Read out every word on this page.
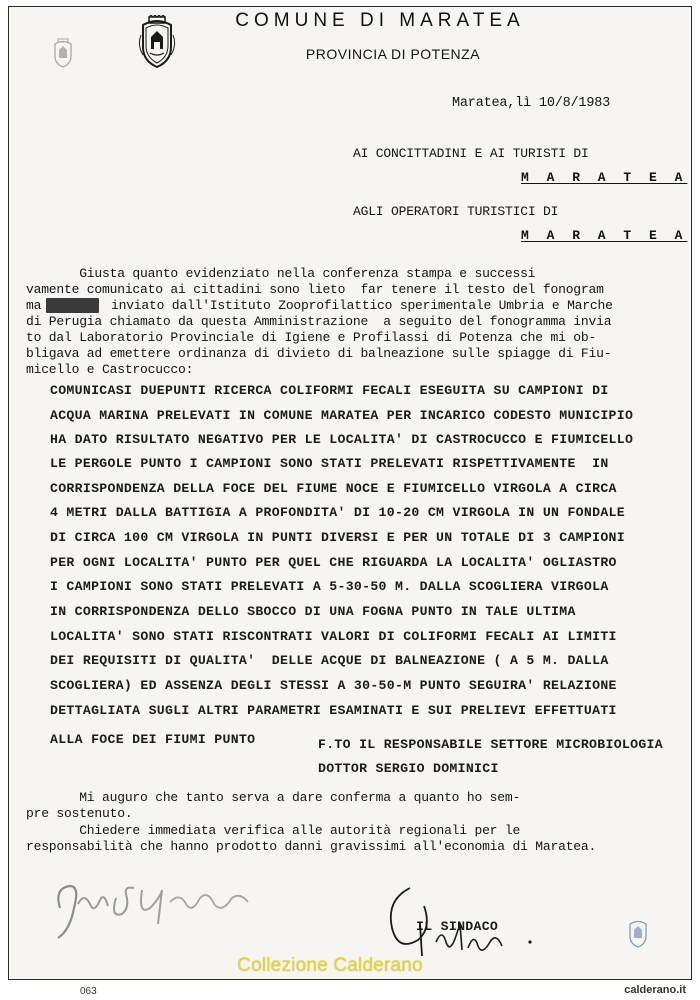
COMUNE DI MARATEA
PROVINCIA DI POTENZA
Maratea,lì 10/8/1983
AI CONCITTADINI E AI TURISTI DI
M A R A T E A
AGLI OPERATORI TURISTICI DI
M A R A T E A
Giusta quanto evidenziato nella conferenza stampa e successi
vamente comunicato ai cittadini sono lieto  far tenere il testo del fonogram
ma	inviato dall'Istituto Zooprofilattico sperimentale Umbria e Marche
di Perugia chiamato da questa Amministrazione  a seguito del fonogramma invia
to dal Laboratorio Provinciale di Igiene e Profilassi di Potenza che mi ob-
bligava ad emettere ordinanza di divieto di balneazione sulle spiagge di Fiu-
micello e Castrocucco:
COMUNICASI DUEPUNTI RICERCA COLIFORMI FECALI ESEGUITA SU CAMPIONI DI
ACQUA MARINA PRELEVATI IN COMUNE MARATEA PER INCARICO CODESTO MUNICIPIO
HA DATO RISULTATO NEGATIVO PER LE LOCALITA' DI CASTROCUCCO E FIUMICELLO
LE PERGOLE PUNTO I CAMPIONI SONO STATI PRELEVATI RISPETTIVAMENTE  IN
CORRISPONDENZA DELLA FOCE DEL FIUME NOCE E FIUMICELLO VIRGOLA A CIRCA
4 METRI DALLA BATTIGIA A PROFONDITA' DI 10-20 CM VIRGOLA IN UN FONDALE
DI CIRCA 100 CM VIRGOLA IN PUNTI DIVERSI E PER UN TOTALE DI 3 CAMPIONI
PER OGNI LOCALITA' PUNTO PER QUEL CHE RIGUARDA LA LOCALITA' OGLIASTRO
I CAMPIONI SONO STATI PRELEVATI A 5-30-50 M. DALLA SCOGLIERA VIRGOLA
IN CORRISPONDENZA DELLO SBOCCO DI UNA FOGNA PUNTO IN TALE ULTIMA
LOCALITA' SONO STATI RISCONTRATI VALORI DI COLIFORMI FECALI AI LIMITI
DEI REQUISITI DI QUALITA'  DELLE ACQUE DI BALNEAZIONE ( A 5 M. DALLA
SCOGLIERA) ED ASSENZA DEGLI STESSI A 30-50-M PUNTO SEGUIRA' RELAZIONE
DETTAGLIATA SUGLI ALTRI PARAMETRI ESAMINATI E SUI PRELIEVI EFFETTUATI
ALLA FOCE DEI FIUMI PUNTO	F.TO IL RESPONSABILE SETTORE MICROBIOLOGIA
DOTTOR SERGIO DOMINICI
Mi auguro che tanto serva a dare conferma a quanto ho sem-
pre sostenuto.
Chiedere immediata verifica alle autorità regionali per le
responsabilità che hanno prodotto danni gravissimi all'economia di Maratea.
IL SINDACO
Collezione Calderano
063	calderano.it
